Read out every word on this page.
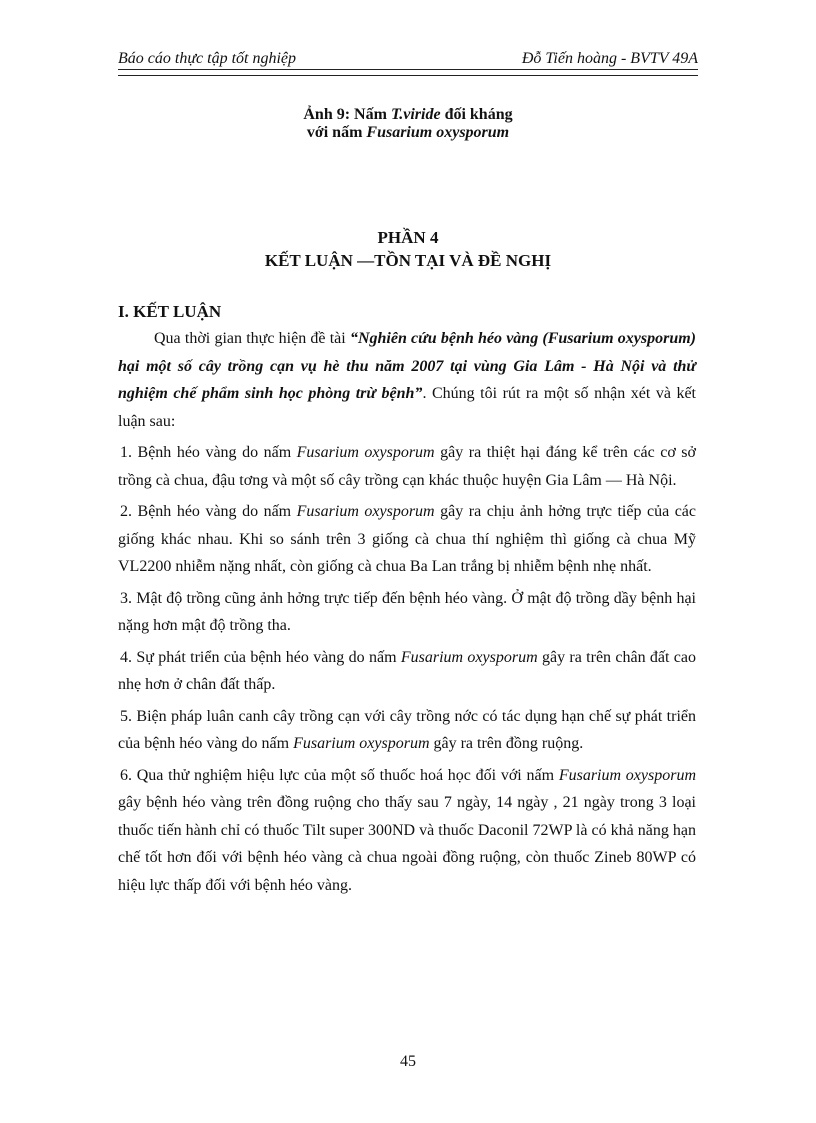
Báo cáo thực tập tốt nghiệp	Đỗ Tiến hoàng - BVTV 49A
Ảnh 9: Nấm T.viride đối kháng
với nấm Fusarium oxysporum
PHẦN 4
KẾT LUẬN —TỒN TẠI VÀ ĐỀ NGHỊ
I. KẾT LUẬN

Qua thời gian thực hiện đề tài “Nghiên cứu bệnh héo vàng (Fusarium oxysporum) hại một số cây trồng cạn vụ hè thu năm 2007 tại vùng Gia Lâm - Hà Nội và thử nghiệm chế phẩm sinh học phòng trừ bệnh”. Chúng tôi rút ra một số nhận xét và kết luận sau:

1. Bệnh héo vàng do nấm Fusarium oxysporum gây ra thiệt hại đáng kể trên các cơ sở trồng cà chua, đậu tơng và một số cây trồng cạn khác thuộc huyện Gia Lâm — Hà Nội.

2. Bệnh héo vàng do nấm Fusarium oxysporum gây ra chịu ảnh hởng trực tiếp của các giống khác nhau. Khi so sánh trên 3 giống cà chua thí nghiệm thì giống cà chua Mỹ VL2200 nhiễm nặng nhất, còn giống cà chua Ba Lan trắng bị nhiễm bệnh nhẹ nhất.

3. Mật độ trồng cũng ảnh hởng trực tiếp đến bệnh héo vàng. Ở mật độ trồng dầy bệnh hại nặng hơn mật độ trồng tha.

4. Sự phát triển của bệnh héo vàng do nấm Fusarium oxysporum gây ra trên chân đất cao nhẹ hơn ở chân đất thấp.

5. Biện pháp luân canh cây trồng cạn với cây trồng nớc có tác dụng hạn chế sự phát triển của bệnh héo vàng do nấm Fusarium oxysporum gây ra trên đồng ruộng.

6. Qua thử nghiệm hiệu lực của một số thuốc hoá học đối với nấm Fusarium oxysporum gây bệnh héo vàng trên đồng ruộng cho thấy sau 7 ngày, 14 ngày , 21 ngày trong 3 loại thuốc tiến hành chỉ có thuốc Tilt super 300ND và thuốc Daconil 72WP là có khả năng hạn chế tốt hơn đối với bệnh héo vàng cà chua ngoài đồng ruộng, còn thuốc Zineb 80WP có hiệu lực thấp đối với bệnh héo vàng.

45
